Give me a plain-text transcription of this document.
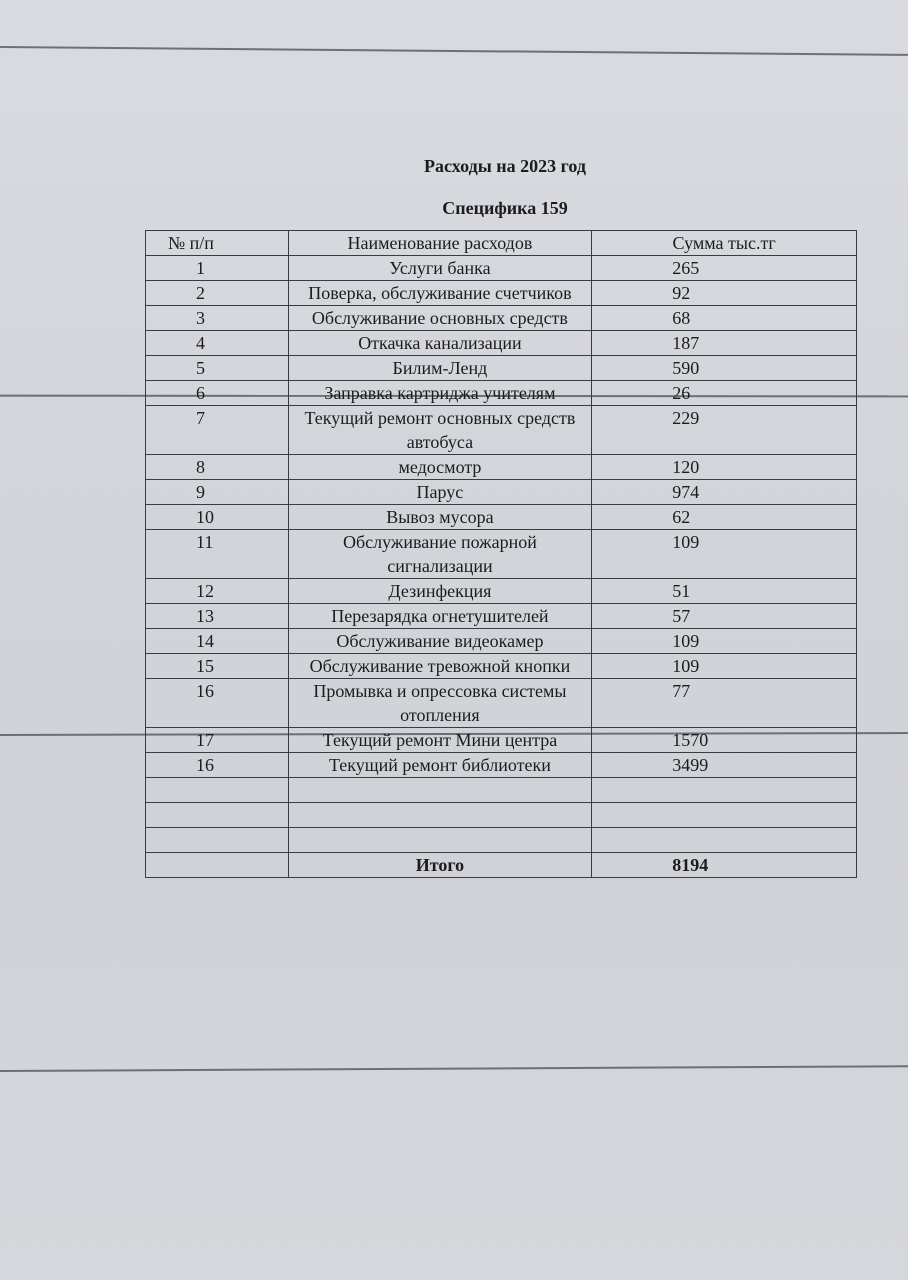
Расходы на 2023 год
Специфика 159
№ п/п	Наименование расходов	Сумма тыс.тг
1	Услуги банка	265
2	Поверка, обслуживание счетчиков	92
3	Обслуживание основных средств	68
4	Откачка канализации	187
5	Билим-Ленд	590
6	Заправка картриджа учителям	26
7	Текущий ремонт основных средств автобуса	229
8	медосмотр	120
9	Парус	974
10	Вывоз мусора	62
11	Обслуживание пожарной сигнализации	109
12	Дезинфекция	51
13	Перезарядка огнетушителей	57
14	Обслуживание видеокамер	109
15	Обслуживание тревожной кнопки	109
16	Промывка и опрессовка системы отопления	77
17	Текущий ремонт Мини центра	1570
16	Текущий ремонт библиотеки	3499

	Итого	8194
